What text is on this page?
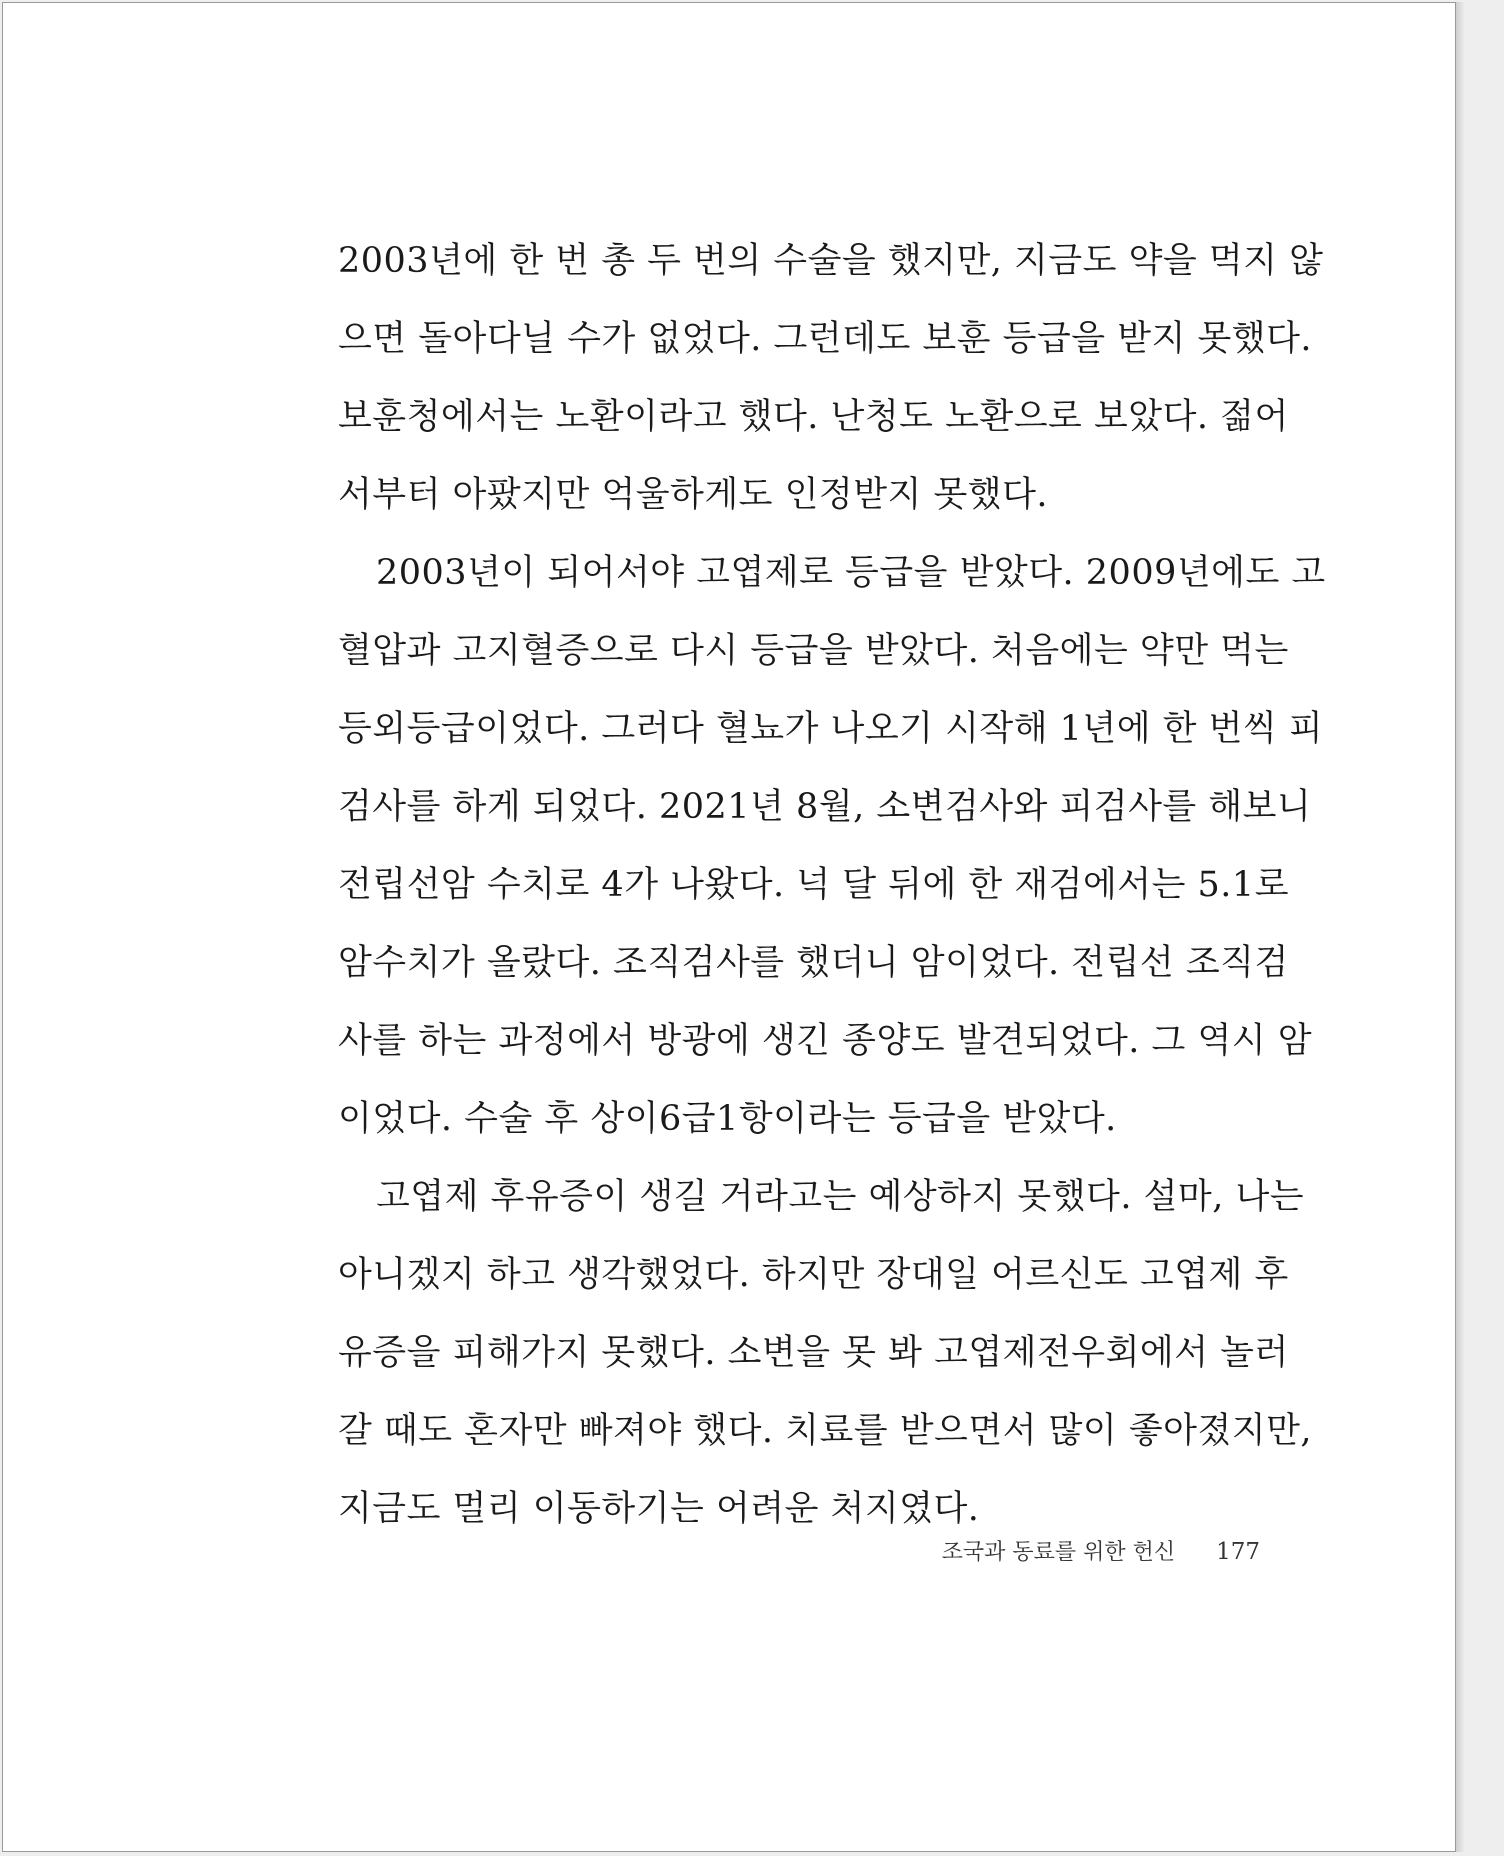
2003년에 한 번 총 두 번의 수술을 했지만, 지금도 약을 먹지 않
으면 돌아다닐 수가 없었다. 그런데도 보훈 등급을 받지 못했다.
보훈청에서는 노환이라고 했다. 난청도 노환으로 보았다. 젊어
서부터 아팠지만 억울하게도 인정받지 못했다.
2003년이 되어서야 고엽제로 등급을 받았다. 2009년에도 고
혈압과 고지혈증으로 다시 등급을 받았다. 처음에는 약만 먹는
등외등급이었다. 그러다 혈뇨가 나오기 시작해 1년에 한 번씩 피
검사를 하게 되었다. 2021년 8월, 소변검사와 피검사를 해보니
전립선암 수치로 4가 나왔다. 넉 달 뒤에 한 재검에서는 5.1로
암수치가 올랐다. 조직검사를 했더니 암이었다. 전립선 조직검
사를 하는 과정에서 방광에 생긴 종양도 발견되었다. 그 역시 암
이었다. 수술 후 상이6급1항이라는 등급을 받았다.
고엽제 후유증이 생길 거라고는 예상하지 못했다. 설마, 나는
아니겠지 하고 생각했었다. 하지만 장대일 어르신도 고엽제 후
유증을 피해가지 못했다. 소변을 못 봐 고엽제전우회에서 놀러
갈 때도 혼자만 빠져야 했다. 치료를 받으면서 많이 좋아졌지만,
지금도 멀리 이동하기는 어려운 처지였다.
조국과 동료를 위한 헌신 177
